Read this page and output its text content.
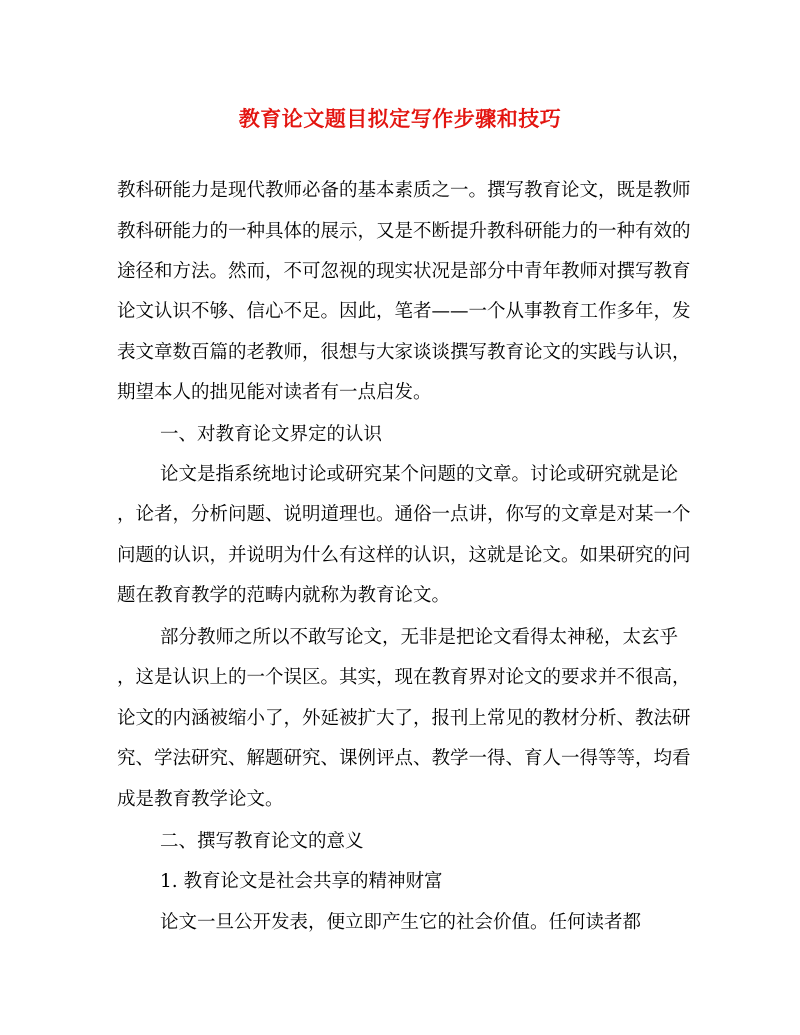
教育论文题目拟定写作步骤和技巧

教科研能力是现代教师必备的基本素质之一。撰写教育论文，既是教师

教科研能力的一种具体的展示，又是不断提升教科研能力的一种有效的

途径和方法。然而，不可忽视的现实状况是部分中青年教师对撰写教育

论文认识不够、信心不足。因此，笔者——一个从事教育工作多年，发

表文章数百篇的老教师，很想与大家谈谈撰写教育论文的实践与认识，

期望本人的拙见能对读者有一点启发。

一、对教育论文界定的认识

论文是指系统地讨论或研究某个问题的文章。讨论或研究就是论

，论者，分析问题、说明道理也。通俗一点讲，你写的文章是对某一个

问题的认识，并说明为什么有这样的认识，这就是论文。如果研究的问

题在教育教学的范畴内就称为教育论文。

部分教师之所以不敢写论文，无非是把论文看得太神秘，太玄乎

，这是认识上的一个误区。其实，现在教育界对论文的要求并不很高，

论文的内涵被缩小了，外延被扩大了，报刊上常见的教材分析、教法研

究、学法研究、解题研究、课例评点、教学一得、育人一得等等，均看

成是教育教学论文。

二、撰写教育论文的意义

1. 教育论文是社会共享的精神财富

论文一旦公开发表，便立即产生它的社会价值。任何读者都
